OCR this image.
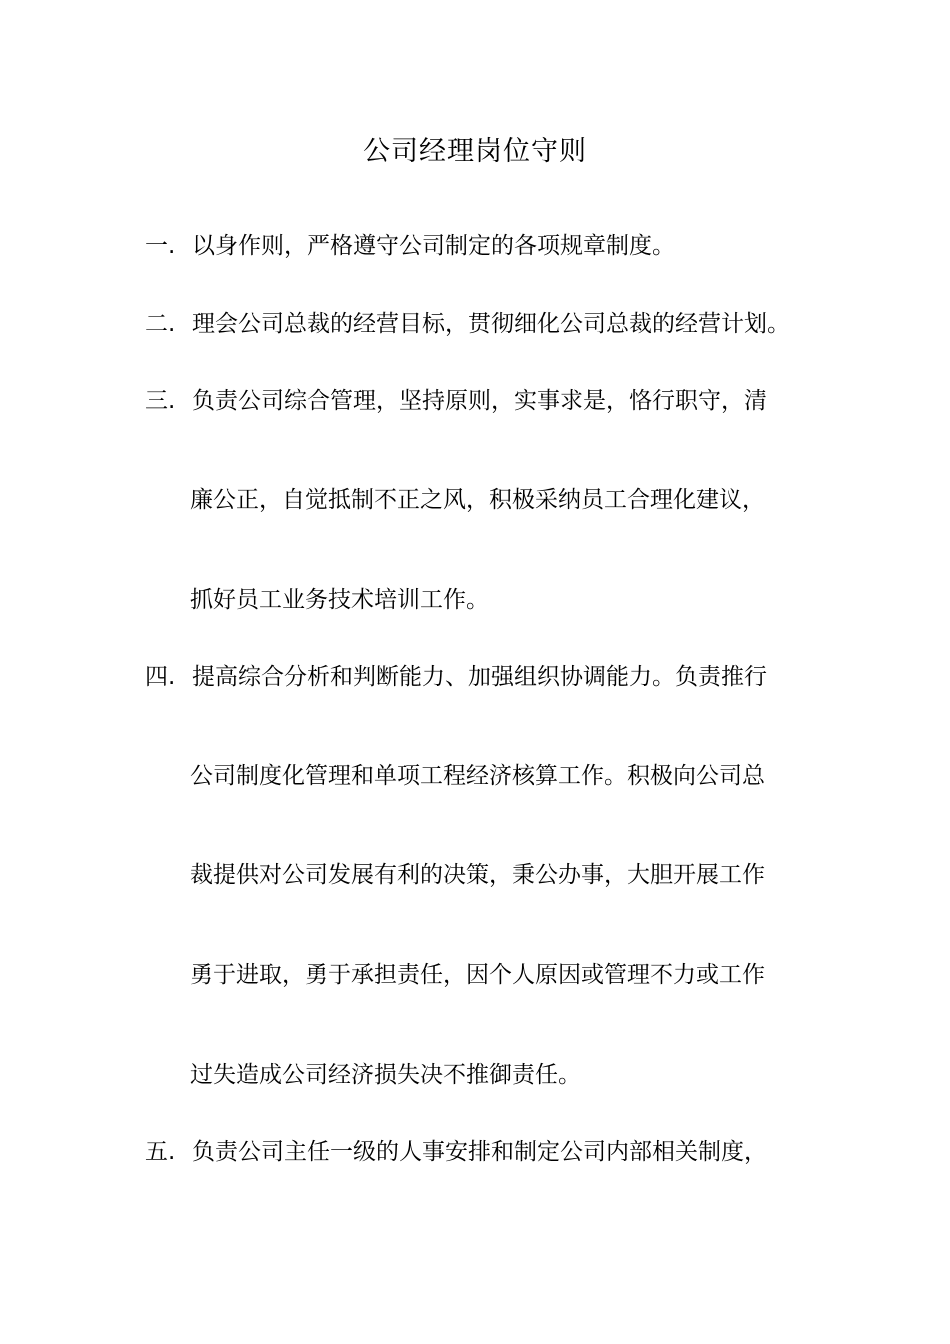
公司经理岗位守则
一. 以身作则，严格遵守公司制定的各项规章制度。
二. 理会公司总裁的经营目标，贯彻细化公司总裁的经营计划。
三. 负责公司综合管理，坚持原则，实事求是，恪行职守，清
廉公正，自觉抵制不正之风，积极采纳员工合理化建议，
抓好员工业务技术培训工作。
四. 提高综合分析和判断能力、加强组织协调能力。负责推行
公司制度化管理和单项工程经济核算工作。积极向公司总
裁提供对公司发展有利的决策，秉公办事，大胆开展工作
勇于进取，勇于承担责任，因个人原因或管理不力或工作
过失造成公司经济损失决不推御责任。
五. 负责公司主任一级的人事安排和制定公司内部相关制度，
